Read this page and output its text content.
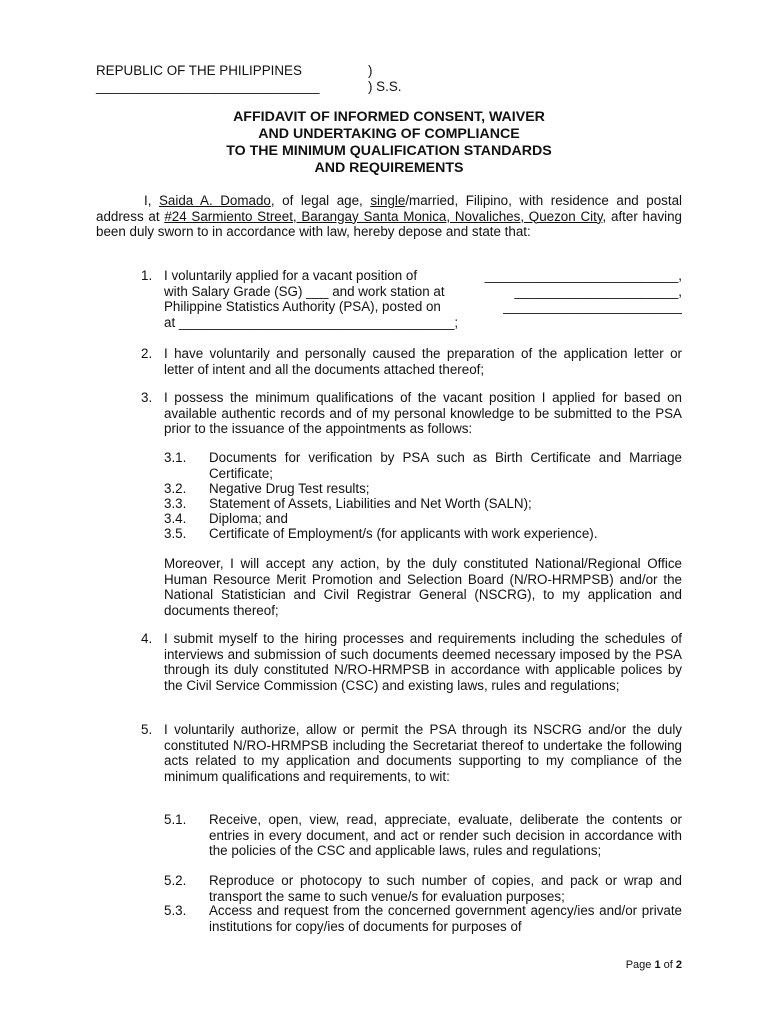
REPUBLIC OF THE PHILIPPINES
______________________________
)
) S.S.
AFFIDAVIT OF INFORMED CONSENT, WAIVER
AND UNDERTAKING OF COMPLIANCE
TO THE MINIMUM QUALIFICATION STANDARDS
AND REQUIREMENTS
I, Saida A. Domado, of legal age, single/married, Filipino, with residence and postal address at #24 Sarmiento Street, Barangay Santa Monica, Novaliches, Quezon City, after having been duly sworn to in accordance with law, hereby depose and state that:
1. I voluntarily applied for a vacant position of	__________________________,
with Salary Grade (SG) ___ and work station at	______________________,
Philippine Statistics Authority (PSA), posted on	________________________
at _____________________________________;
2. I have voluntarily and personally caused the preparation of the application letter or letter of intent and all the documents attached thereof;
3. I possess the minimum qualifications of the vacant position I applied for based on available authentic records and of my personal knowledge to be submitted to the PSA prior to the issuance of the appointments as follows:
3.1.	Documents for verification by PSA such as Birth Certificate and Marriage Certificate;
3.2.	Negative Drug Test results;
3.3.	Statement of Assets, Liabilities and Net Worth (SALN);
3.4.	Diploma; and
3.5.	Certificate of Employment/s (for applicants with work experience).
Moreover, I will accept any action, by the duly constituted National/Regional Office Human Resource Merit Promotion and Selection Board (N/RO-HRMPSB) and/or the National Statistician and Civil Registrar General (NSCRG), to my application and documents thereof;
4. I submit myself to the hiring processes and requirements including the schedules of interviews and submission of such documents deemed necessary imposed by the PSA through its duly constituted N/RO-HRMPSB in accordance with applicable polices by the Civil Service Commission (CSC) and existing laws, rules and regulations;
5. I voluntarily authorize, allow or permit the PSA through its NSCRG and/or the duly constituted N/RO-HRMPSB including the Secretariat thereof to undertake the following acts related to my application and documents supporting to my compliance of the minimum qualifications and requirements, to wit:
5.1.	Receive, open, view, read, appreciate, evaluate, deliberate the contents or entries in every document, and act or render such decision in accordance with the policies of the CSC and applicable laws, rules and regulations;
5.2.	Reproduce or photocopy to such number of copies, and pack or wrap and transport the same to such venue/s for evaluation purposes;
5.3.	Access and request from the concerned government agency/ies and/or private institutions for copy/ies of documents for purposes of
Page 1 of 2
